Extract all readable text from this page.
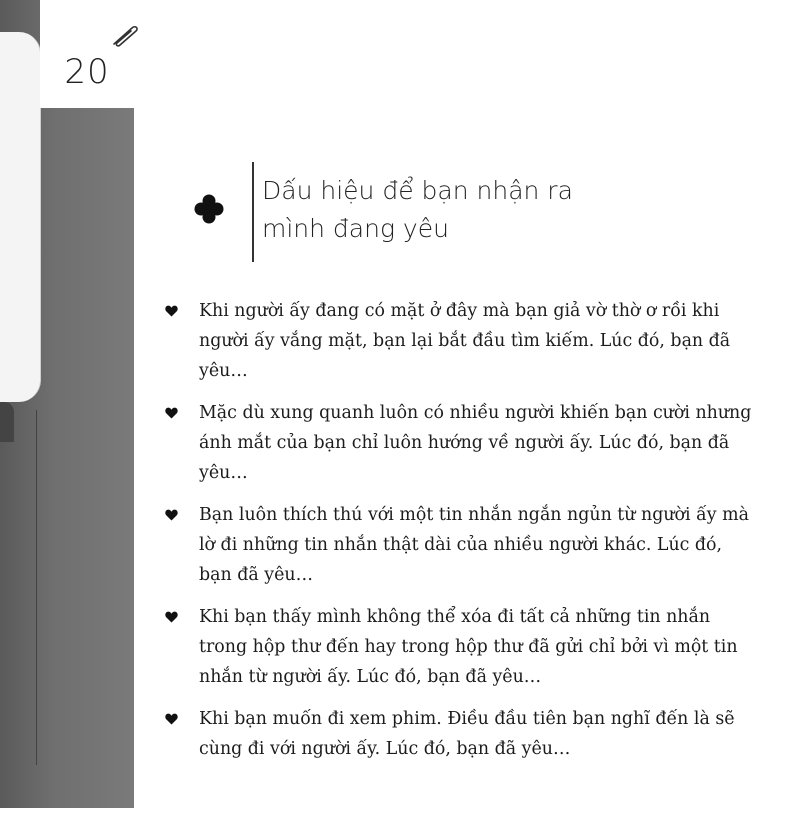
20
Dấu hiệu để bạn nhận ra
mình đang yêu
Khi người ấy đang có mặt ở đây mà bạn giả vờ thờ ơ rồi khi người ấy vắng mặt, bạn lại bắt đầu tìm kiếm. Lúc đó, bạn đã yêu…
Mặc dù xung quanh luôn có nhiều người khiến bạn cười nhưng ánh mắt của bạn chỉ luôn hướng về người ấy. Lúc đó, bạn đã yêu…
Bạn luôn thích thú với một tin nhắn ngắn ngủn từ người ấy mà lờ đi những tin nhắn thật dài của nhiều người khác. Lúc đó, bạn đã yêu…
Khi bạn thấy mình không thể xóa đi tất cả những tin nhắn trong hộp thư đến hay trong hộp thư đã gửi chỉ bởi vì một tin nhắn từ người ấy. Lúc đó, bạn đã yêu…
Khi bạn muốn đi xem phim. Điều đầu tiên bạn nghĩ đến là sẽ cùng đi với người ấy. Lúc đó, bạn đã yêu…
